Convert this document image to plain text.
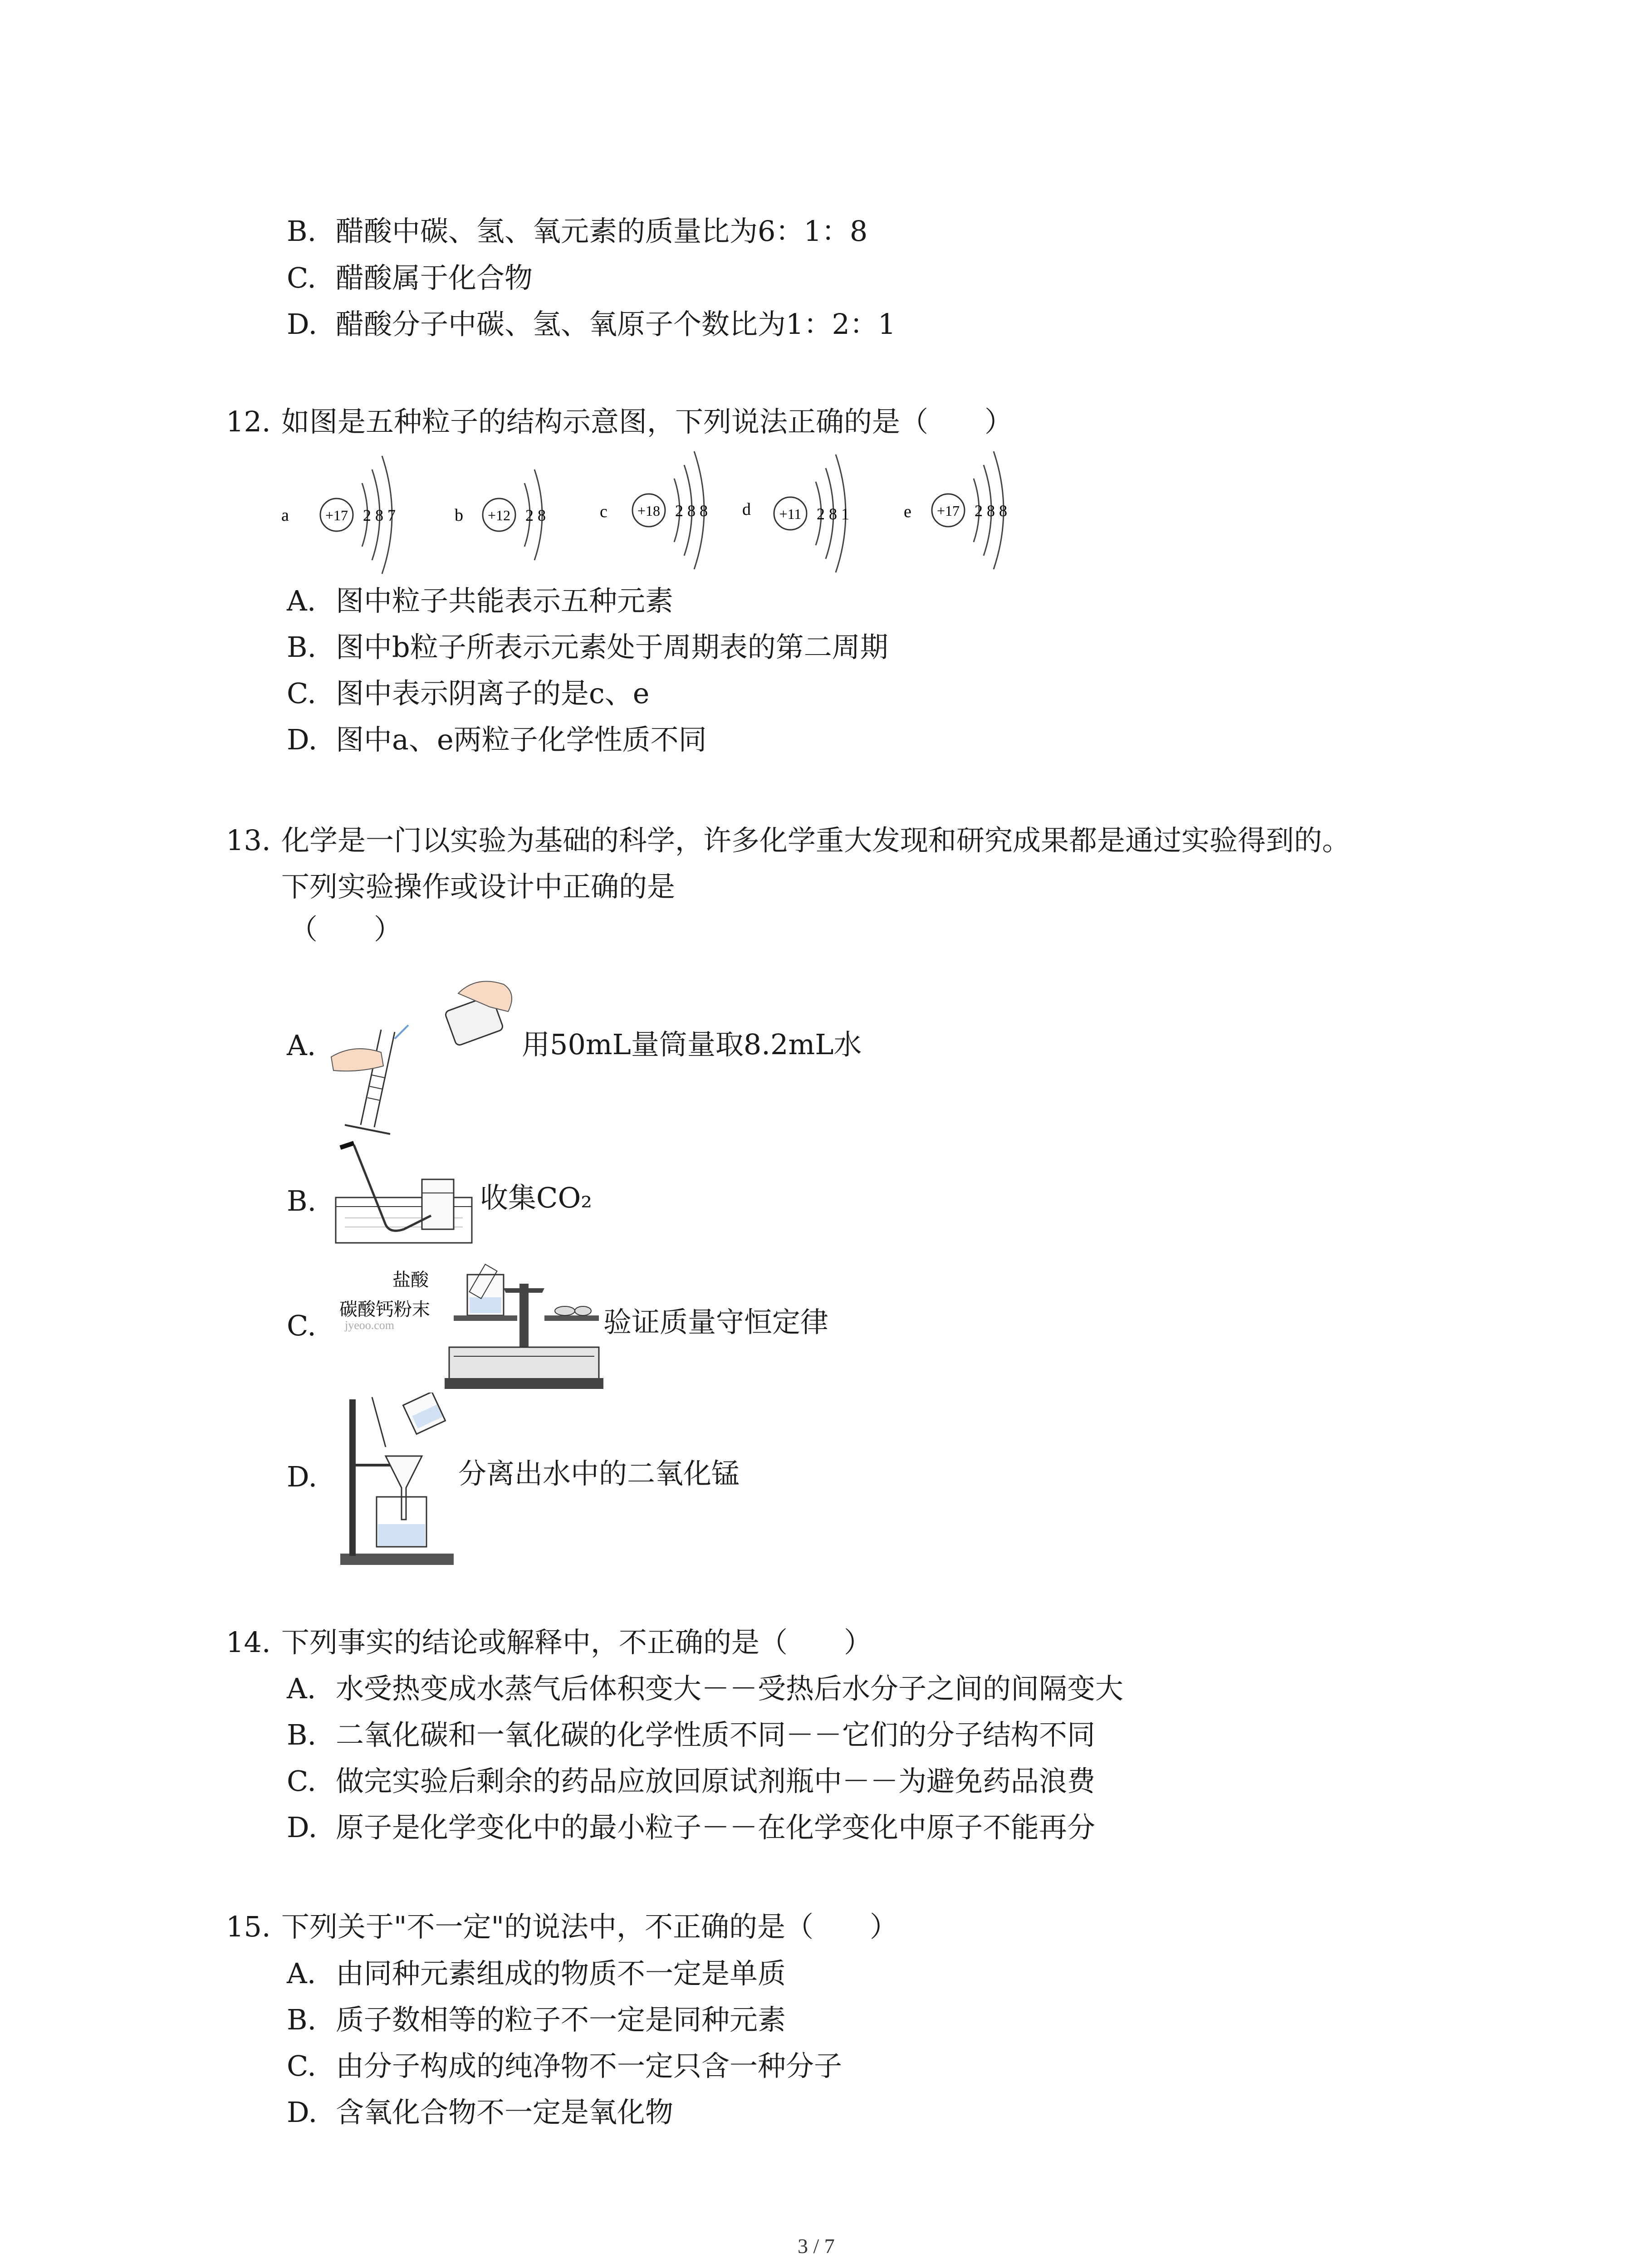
B. 醋酸中碳、氢、氧元素的质量比为6：1：8
C. 醋酸属于化合物
D. 醋酸分子中碳、氢、氧原子个数比为1：2：1
12. 如图是五种粒子的结构示意图，下列说法正确的是（　　）
a	+17 2 8 7	b +12 2 8	c +18 2 8 8 d +11 2 8 1	e +17 2 8 8
A. 图中粒子共能表示五种元素
B. 图中b粒子所表示元素处于周期表的第二周期
C. 图中表示阴离子的是c、e
D. 图中a、e两粒子化学性质不同
13. 化学是一门以实验为基础的科学，许多化学重大发现和研究成果都是通过实验得到的。
下列实验操作或设计中正确的是
（　　）
A.	用50mL量筒量取8.2mL水
B.	收集CO₂
C.
盐酸
碳酸钙粉末
jyeoo.com	验证质量守恒定律
D.	分离出水中的二氧化锰
14. 下列事实的结论或解释中，不正确的是（　　）
A. 水受热变成水蒸气后体积变大－－受热后水分子之间的间隔变大
B. 二氧化碳和一氧化碳的化学性质不同－－它们的分子结构不同
C. 做完实验后剩余的药品应放回原试剂瓶中－－为避免药品浪费
D. 原子是化学变化中的最小粒子－－在化学变化中原子不能再分
15. 下列关于"不一定"的说法中，不正确的是（　　）
A. 由同种元素组成的物质不一定是单质
B. 质子数相等的粒子不一定是同种元素
C. 由分子构成的纯净物不一定只含一种分子
D. 含氧化合物不一定是氧化物
3 / 7
